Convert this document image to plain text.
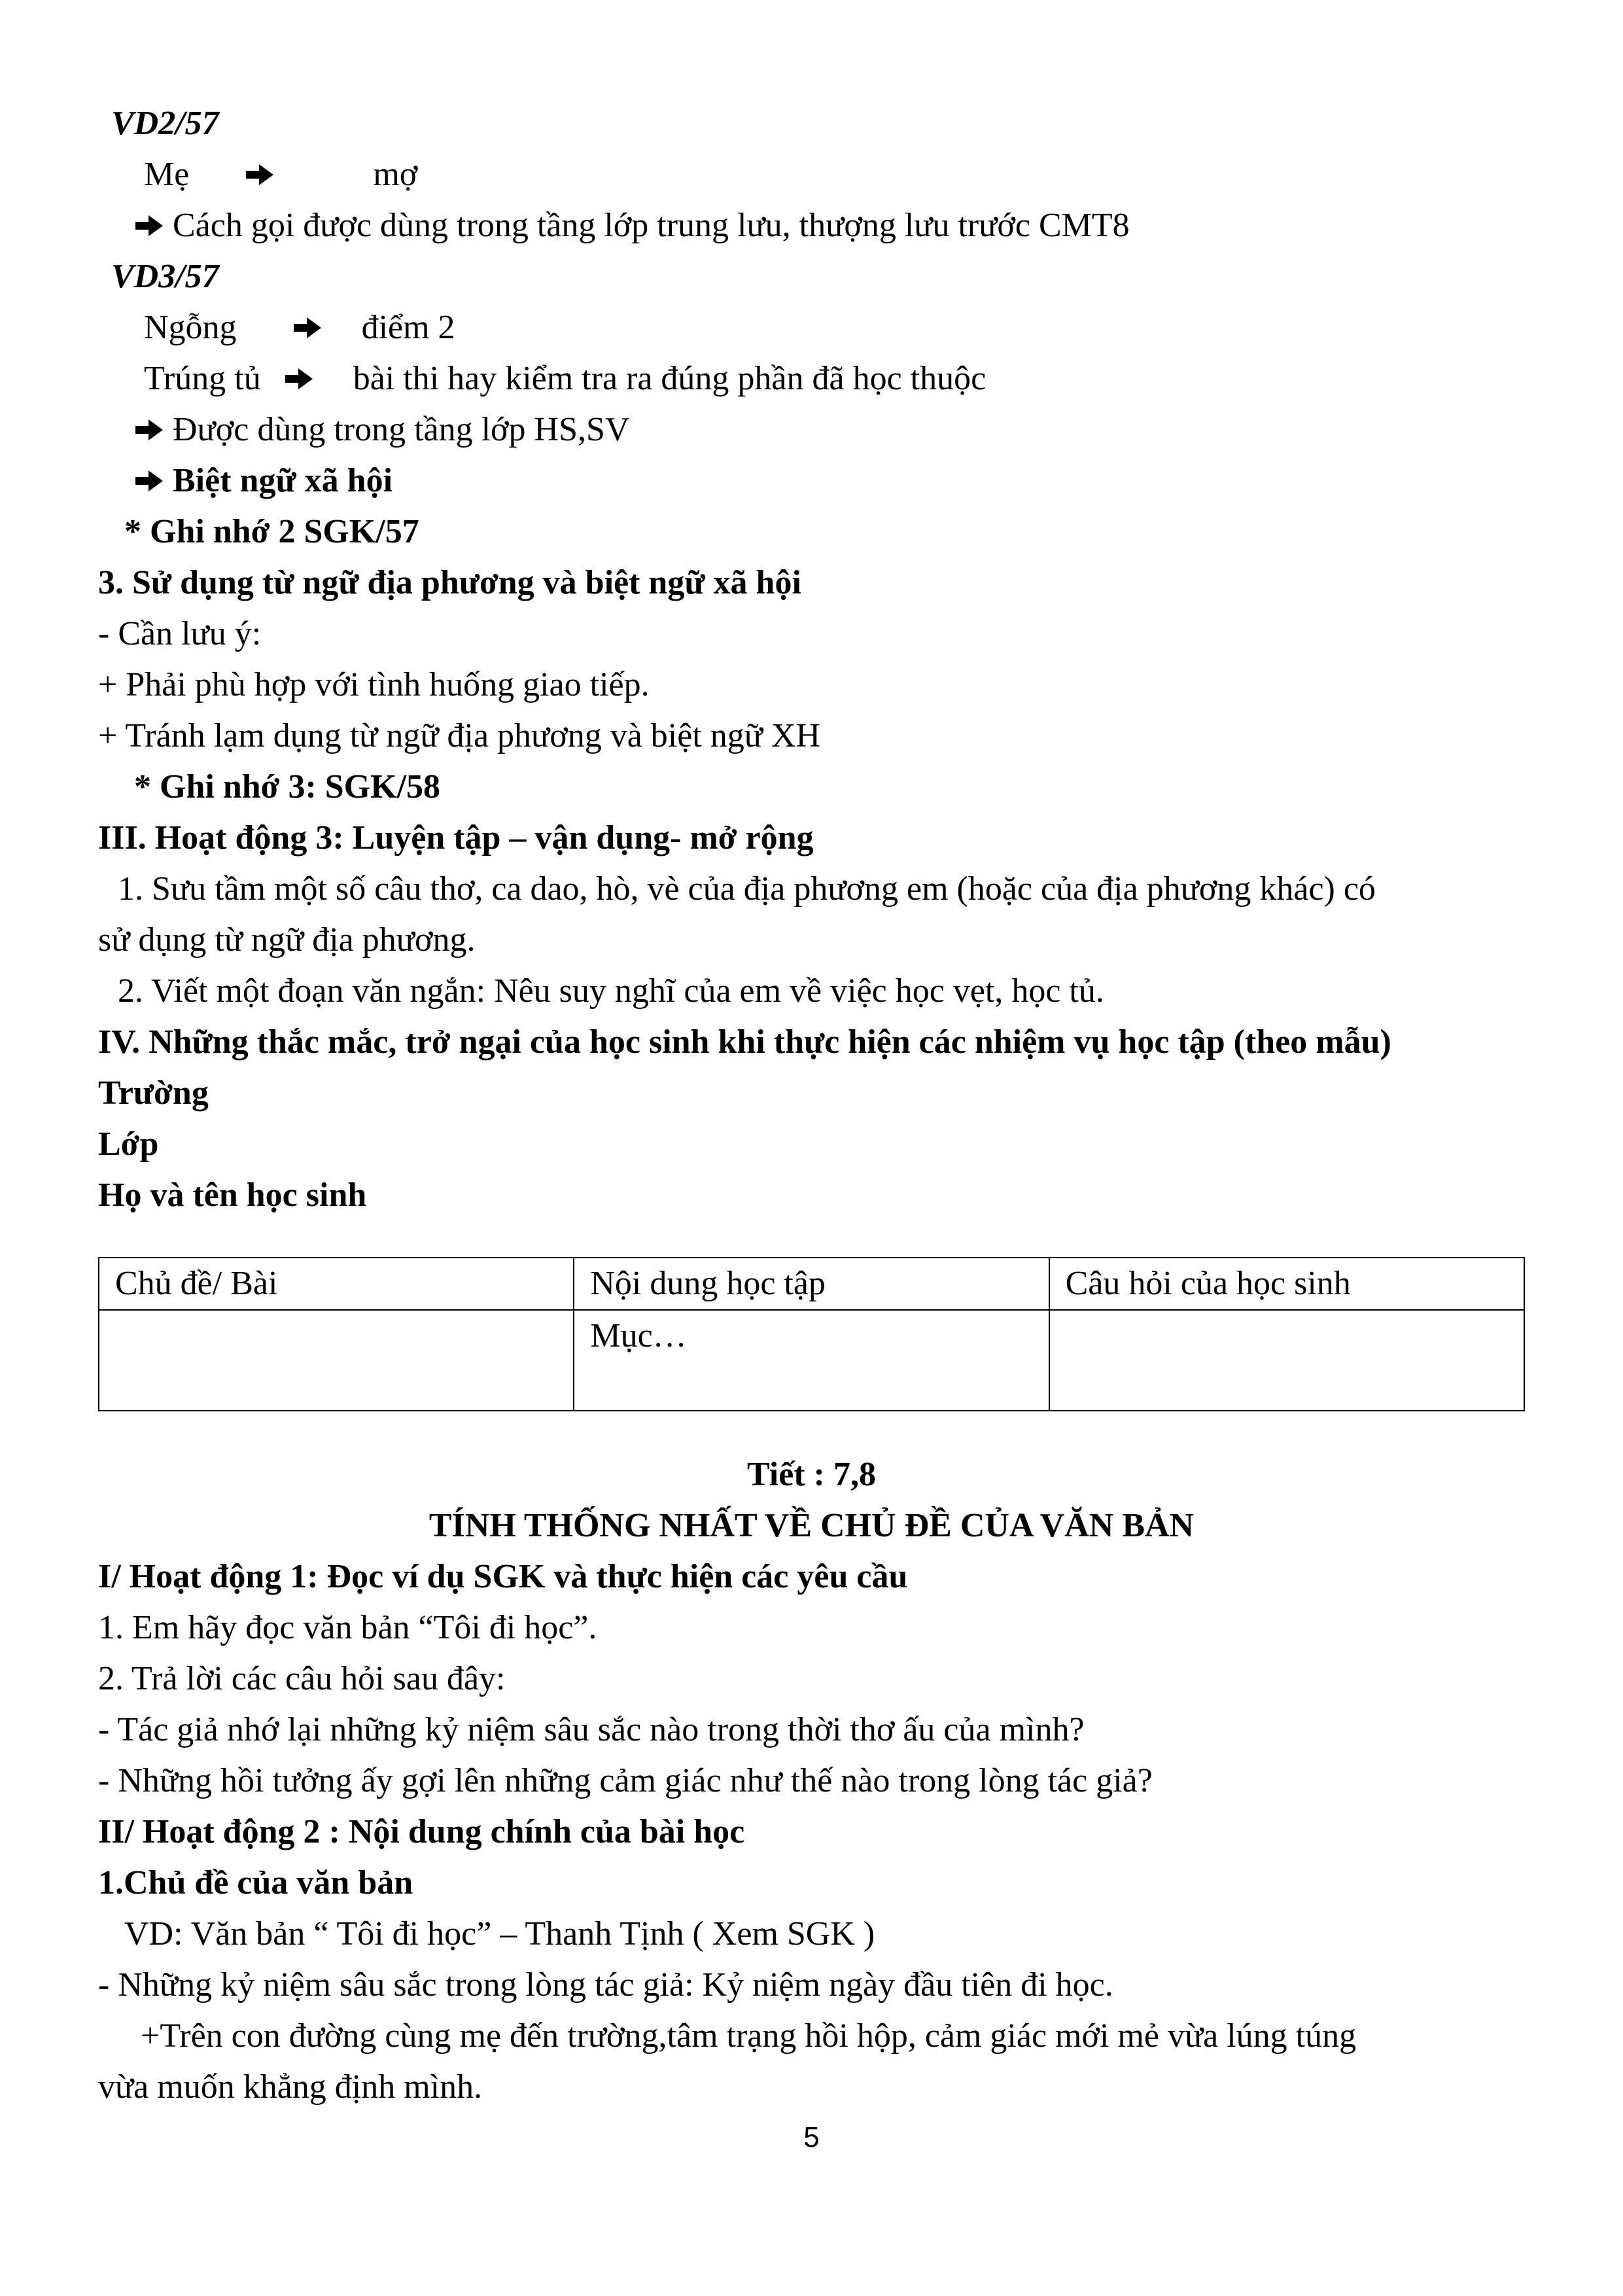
VD2/57
Mẹ	mợ
Cách gọi được dùng trong tầng lớp trung lưu, thượng lưu trước CMT8
VD3/57
Ngỗng	điểm 2
Trúng tủ	bài thi hay kiểm tra ra đúng phần đã học thuộc
Được dùng trong tầng lớp HS,SV
Biệt ngữ xã hội
* Ghi nhớ 2 SGK/57
3. Sử dụng từ ngữ địa phương và biệt ngữ xã hội
- Cần lưu ý:
+ Phải phù hợp với tình huống giao tiếp.
+ Tránh lạm dụng từ ngữ địa phương và biệt ngữ XH
* Ghi nhớ 3: SGK/58
III. Hoạt động 3: Luyện tập – vận dụng- mở rộng
1. Sưu tầm một số câu thơ, ca dao, hò, vè của địa phương em (hoặc của địa phương khác) có
sử dụng từ ngữ địa phương.
2. Viết một đoạn văn ngắn: Nêu suy nghĩ của em về việc học vẹt, học tủ.
IV. Những thắc mắc, trở ngại của học sinh khi thực hiện các nhiệm vụ học tập (theo mẫu)
Trường
Lớp
Họ và tên học sinh
Chủ đề/ Bài	Nội dung học tập	Câu hỏi của học sinh
	Mục…	
Tiết : 7,8
TÍNH THỐNG NHẤT VỀ CHỦ ĐỀ CỦA VĂN BẢN
I/ Hoạt động 1: Đọc ví dụ SGK và thực hiện các yêu cầu
1. Em hãy đọc văn bản “Tôi đi học”.
2. Trả lời các câu hỏi sau đây:
- Tác giả nhớ lại những kỷ niệm sâu sắc nào trong thời thơ ấu của mình?
- Những hồi tưởng ấy gợi lên những cảm giác như thế nào trong lòng tác giả?
II/ Hoạt động 2 : Nội dung chính của bài học
1.Chủ đề của văn bản
VD: Văn bản “ Tôi đi học” – Thanh Tịnh ( Xem SGK )
- Những kỷ niệm sâu sắc trong lòng tác giả: Kỷ niệm ngày đầu tiên đi học.
+Trên con đường cùng mẹ đến trường,tâm trạng hồi hộp, cảm giác mới mẻ vừa lúng túng
vừa muốn khẳng định mình.
5
